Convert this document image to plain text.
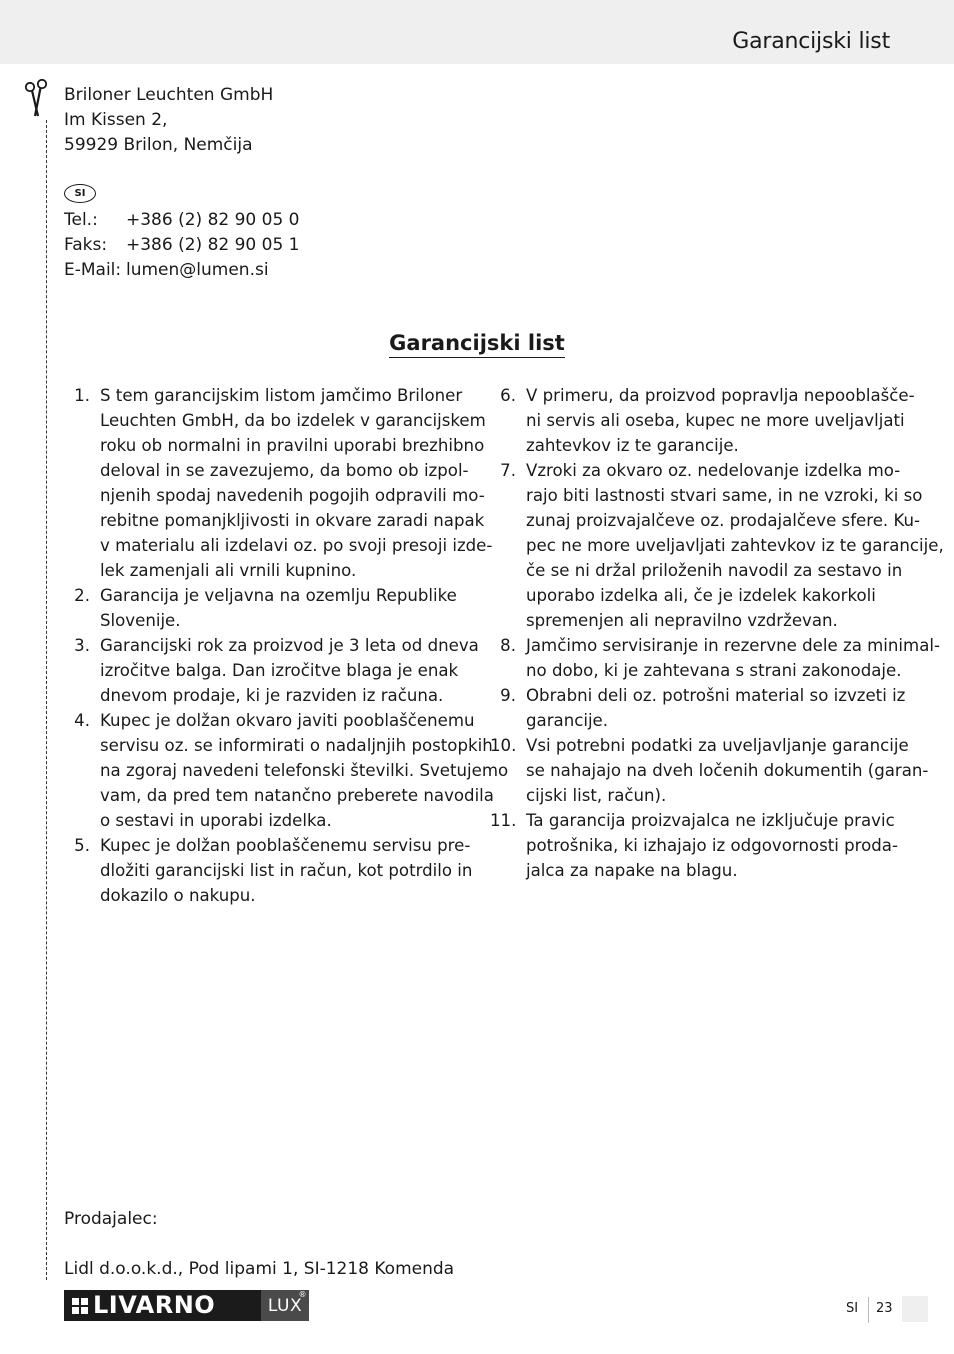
Garancijski list
Briloner Leuchten GmbH
Im Kissen 2,
59929 Brilon, Nemčija
SI
Tel.:	+386 (2) 82 90 05 0
Faks:	+386 (2) 82 90 05 1
E-Mail: lumen@lumen.si
Garancijski list
1. S tem garancijskim listom jamčimo Briloner
Leuchten GmbH, da bo izdelek v garancijskem
roku ob normalni in pravilni uporabi brezhibno
deloval in se zavezujemo, da bomo ob izpol-
njenih spodaj navedenih pogojih odpravili mo-
rebitne pomanjkljivosti in okvare zaradi napak
v materialu ali izdelavi oz. po svoji presoji izde-
lek zamenjali ali vrnili kupnino.
2. Garancija je veljavna na ozemlju Republike
Slovenije.
3. Garancijski rok za proizvod je 3 leta od dneva
izročitve balga. Dan izročitve blaga je enak
dnevom prodaje, ki je razviden iz računa.
4. Kupec je dolžan okvaro javiti pooblaščenemu
servisu oz. se informirati o nadaljnjih postopkih
na zgoraj navedeni telefonski številki. Svetujemo
vam, da pred tem natančno preberete navodila
o sestavi in uporabi izdelka.
5. Kupec je dolžan pooblaščenemu servisu pre-
dložiti garancijski list in račun, kot potrdilo in
dokazilo o nakupu.
6. V primeru, da proizvod popravlja nepooblašče-
ni servis ali oseba, kupec ne more uveljavljati
zahtevkov iz te garancije.
7. Vzroki za okvaro oz. nedelovanje izdelka mo-
rajo biti lastnosti stvari same, in ne vzroki, ki so
zunaj proizvajalčeve oz. prodajalčeve sfere. Ku-
pec ne more uveljavljati zahtevkov iz te garancije,
če se ni držal priloženih navodil za sestavo in
uporabo izdelka ali, če je izdelek kakorkoli
spremenjen ali nepravilno vzdrževan.
8. Jamčimo servisiranje in rezervne dele za minimal-
no dobo, ki je zahtevana s strani zakonodaje.
9. Obrabni deli oz. potrošni material so izvzeti iz
garancije.
10. Vsi potrebni podatki za uveljavljanje garancije
se nahajajo na dveh ločenih dokumentih (garan-
cijski list, račun).
11. Ta garancija proizvajalca ne izključuje pravic
potrošnika, ki izhajajo iz odgovornosti proda-
jalca za napake na blagu.
Prodajalec:
Lidl d.o.o.k.d., Pod lipami 1, SI-1218 Komenda
LIVARNO	LUX
®
SI 23
